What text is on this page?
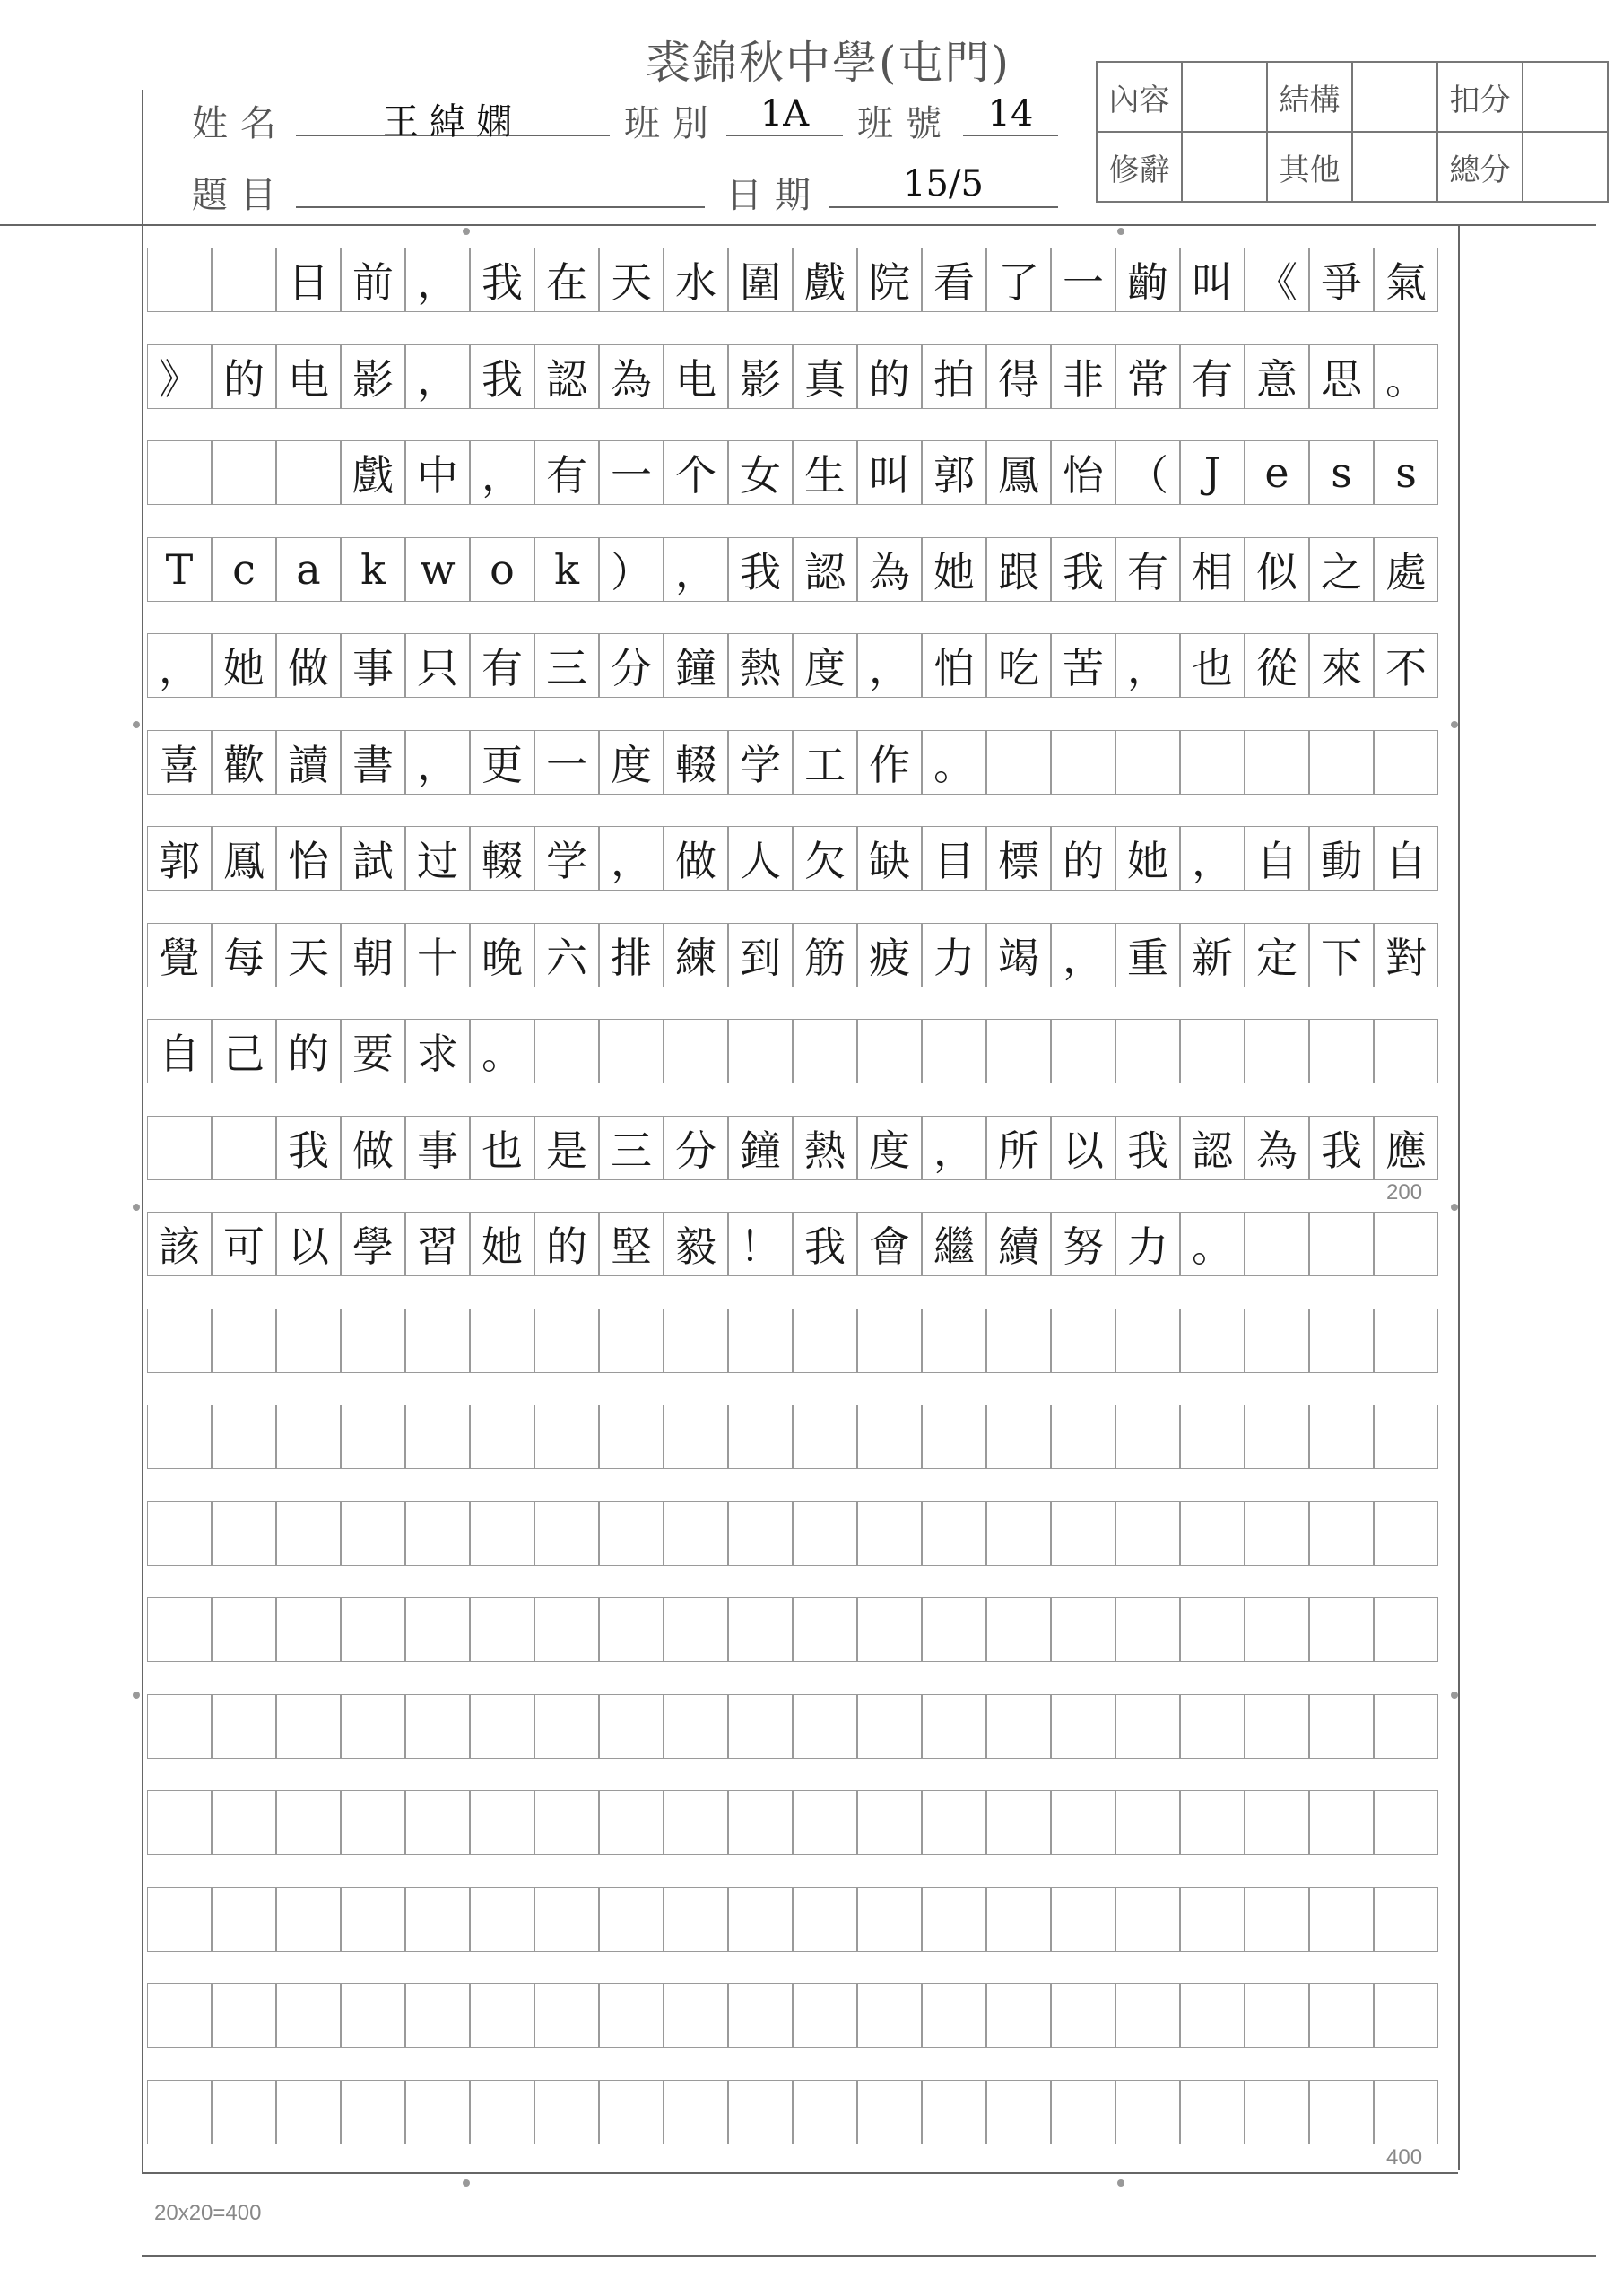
裘錦秋中學(屯門)
內容		結構		扣分	
修辭		其他		總分	
姓名	王綽嫻	班別	1A	班號 14
題目	日期	15/5
日 前 ， 我 在 天 水 圍 戲 院 看 了 一 齣 叫 《 爭 氣
》 的 电 影 ， 我 認 為 电 影 真 的 拍 得 非 常 有 意 思 。
戲 中 ， 有 一 个 女 生 叫 郭 鳳 怡 （ J	e	s	s
T c a k w o k ） ， 我 認 為 她 跟 我 有 相 似 之 處
， 她 做 事 只 有 三 分 鐘 熱 度 ， 怕 吃 苦 ， 也 從 來 不
喜 歡 讀 書 ， 更 一 度 輟 学 工 作 。
郭 鳳 怡 試 过 輟 学 ， 做 人 欠 缺 目 標 的 她 ， 自 動 自
覺 每 天 朝 十 晚 六 排 練 到 筋 疲 力 竭 ， 重 新 定 下 對
自 己 的 要 求 。
我 做 事 也 是 三 分 鐘 熱 度 ， 所 以 我 認 為 我 應
該 可 以 學 習 她 的 堅 毅 ！ 我 會 繼 續 努 力 。
200
400
20x20=400
